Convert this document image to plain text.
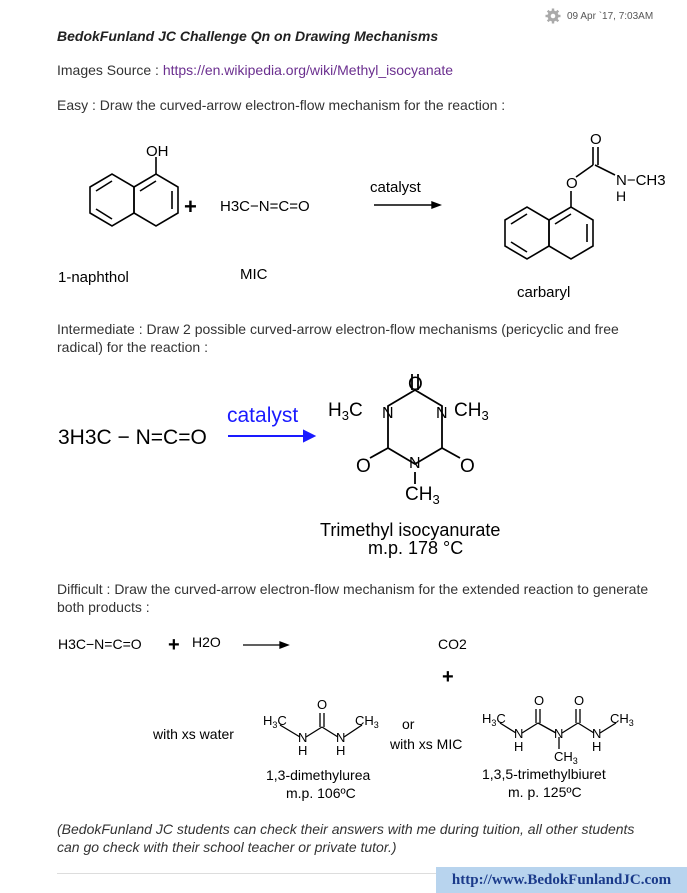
09 Apr `17, 7:03AM
BedokFunland JC Challenge Qn on Drawing Mechanisms
Images Source : https://en.wikipedia.org/wiki/Methyl_isocyanate
Easy : Draw the curved-arrow electron-flow mechanism for the reaction :
OH
+ H3C−N=C=O
catalyst
1-naphthol	MIC
O
O
N−CH3
H
carbaryl
Intermediate : Draw 2 possible curved-arrow electron-flow mechanisms (pericyclic and free radical) for the reaction :
3H3C − N=C=O
catalyst
O
$H_3C$ N	N $CH_3$
O	O
N
$CH_3$
Trimethyl isocyanurate
m.p. 178 °C
Difficult : Draw the curved-arrow electron-flow mechanism for the extended reaction to generate both products :
H3C−N=C=O + H2O	CO2
+
with xs water
$H_3C$
O
N
H
N
H
$CH_3$ or
with xs MIC
$H_3C$
O O
N
H
N N
H
$CH_3$
$CH_3$
1,3-dimethylurea
m.p. 106ºC
1,3,5-trimethylbiuret
m. p. 125ºC
(BedokFunland JC students can check their answers with me during tuition, all other students can go check with their school teacher or private tutor.)
http://www.BedokFunlandJC.com
